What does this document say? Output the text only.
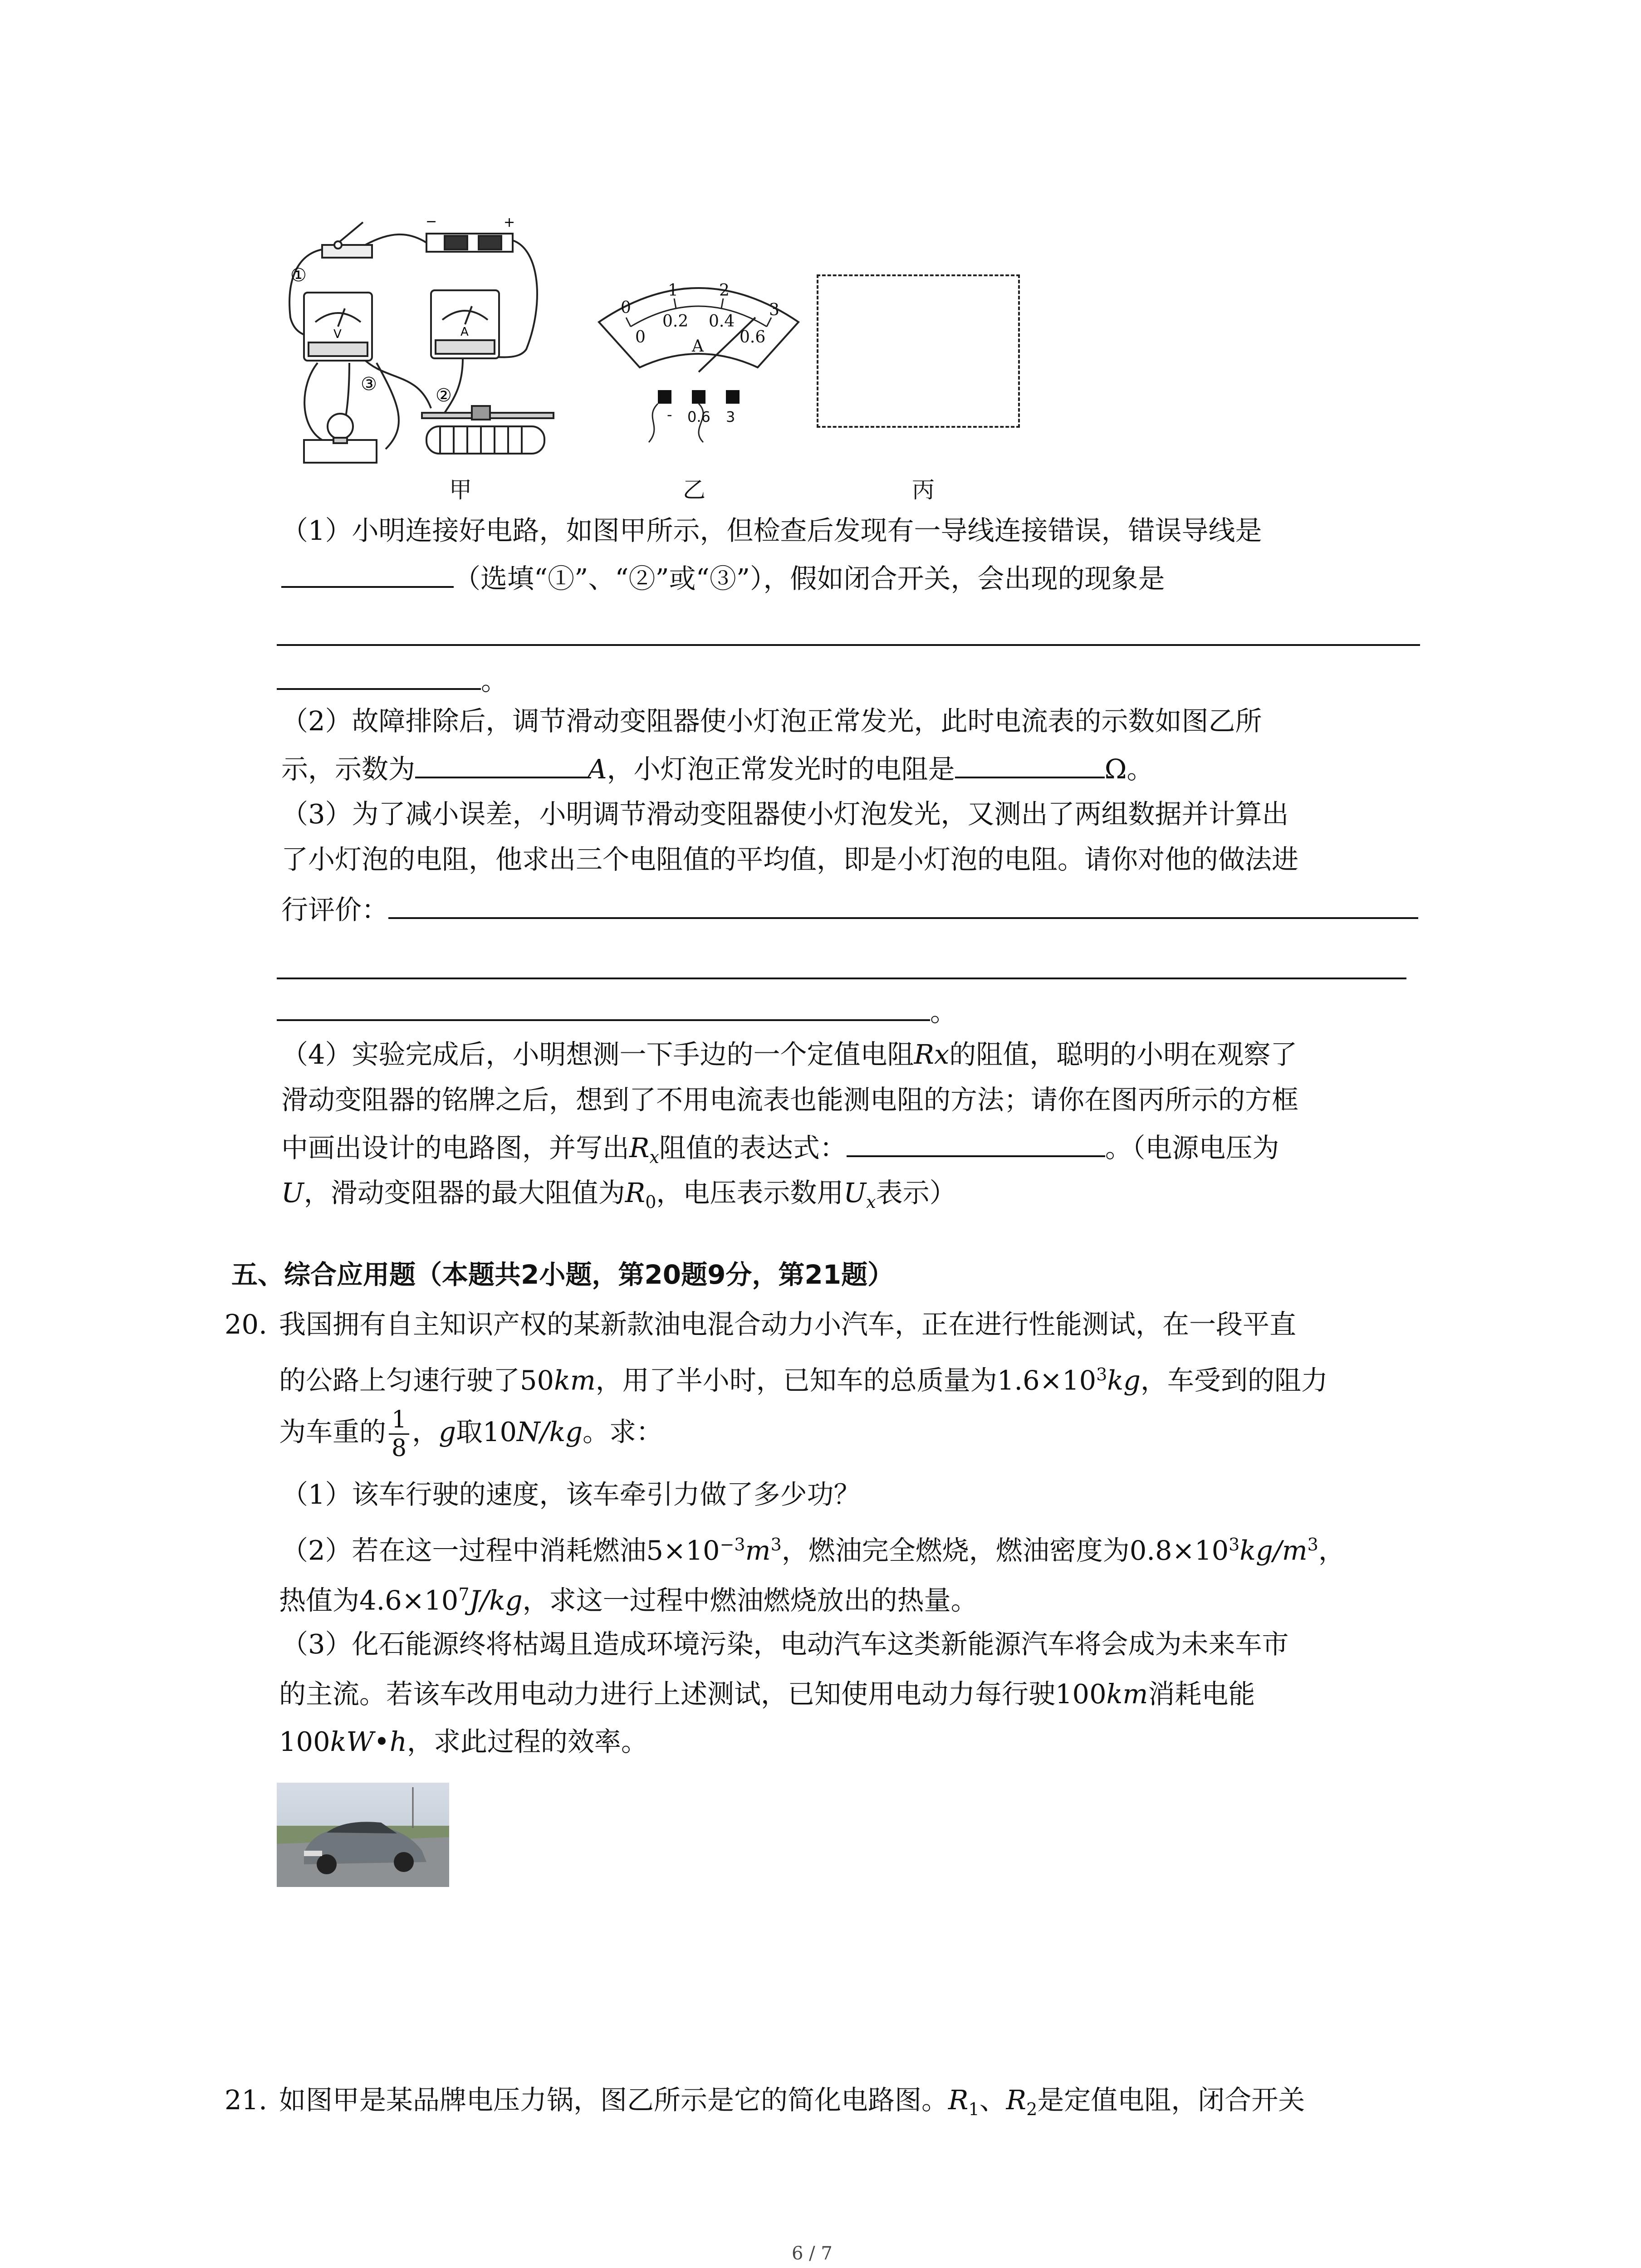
−	+
V	A
①
②
③
甲
0
1	2
3
0
0.2 0.4
0.6
A
- 0.6 3
乙	丙
（1）小明连接好电路，如图甲所示，但检查后发现有一导线连接错误，错误导线是
（选填“①”、“②”或“③”），假如闭合开关，会出现的现象是
。
（2）故障排除后，调节滑动变阻器使小灯泡正常发光，此时电流表的示数如图乙所
示，示数为	A，小灯泡正常发光时的电阻是	Ω。
（3）为了减小误差，小明调节滑动变阻器使小灯泡发光，又测出了两组数据并计算出
了小灯泡的电阻，他求出三个电阻值的平均值，即是小灯泡的电阻。请你对他的做法进
行评价：
。
（4）实验完成后，小明想测一下手边的一个定值电阻Rx的阻值，聪明的小明在观察了
滑动变阻器的铭牌之后，想到了不用电流表也能测电阻的方法；请你在图丙所示的方框
中画出设计的电路图，并写出$R_x$阻值的表达式：	。（电源电压为
U，滑动变阻器的最大阻值为$R_0$，电压表示数用$U_x$表示）
五、综合应用题（本题共2小题，第20题9分，第21题）
20. 我国拥有自主知识产权的某新款油电混合动力小汽车，正在进行性能测试，在一段平直
的公路上匀速行驶了50km，用了半小时，已知车的总质量为$1.6\times 10^3kg$，车受到的阻力
为车重的 $\frac{1}{8}$ ，g取10N/kg。求：
（1）该车行驶的速度，该车牵引力做了多少功？
（2）若在这一过程中消耗燃油$5\times 10^{-3}m^3$，燃油完全燃烧，燃油密度为$0.8\times 10^3kg/m^3$，
热值为$4.6\times 10^7J/kg$，求这一过程中燃油燃烧放出的热量。
（3）化石能源终将枯竭且造成环境污染，电动汽车这类新能源汽车将会成为未来车市
的主流。若该车改用电动力进行上述测试，已知使用电动力每行驶100km消耗电能
100kW•h，求此过程的效率。
21. 如图甲是某品牌电压力锅，图乙所示是它的简化电路图。$R_1$、$R_2$是定值电阻，闭合开关
6 / 7
